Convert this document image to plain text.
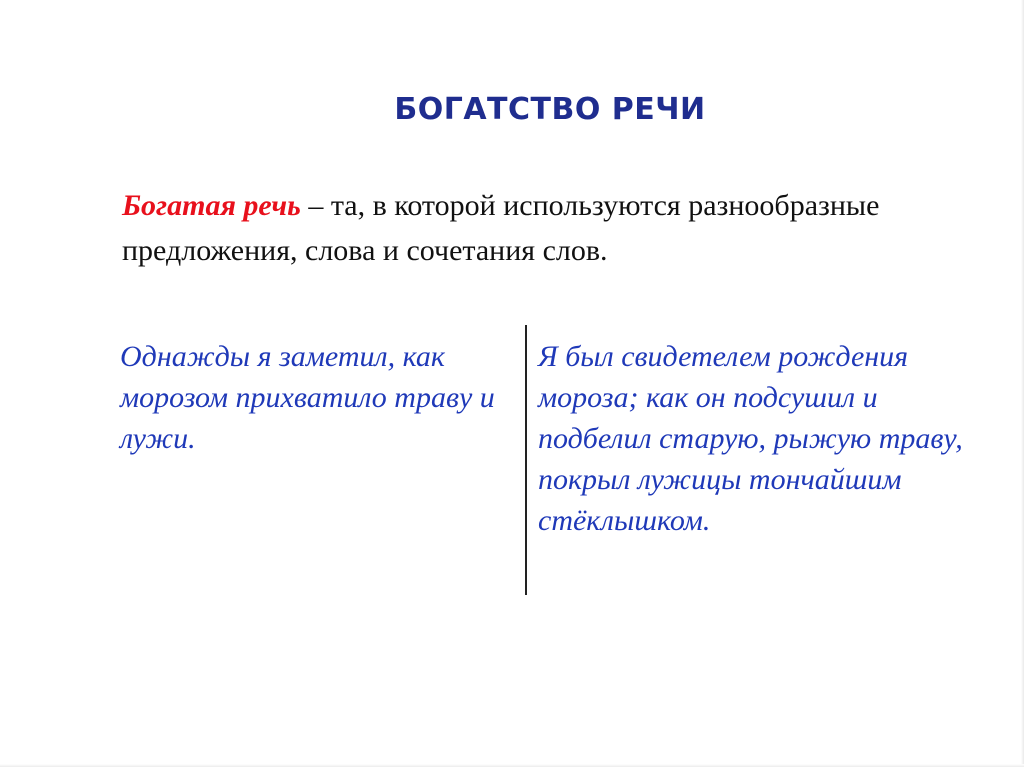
БОГАТСТВО РЕЧИ
Богатая речь – та, в которой используются разнообразные предложения, слова и сочетания слов.
Однажды я заметил, как морозом прихватило траву и лужи.
Я был свидетелем рождения мороза; как он подсушил и подбелил старую, рыжую траву, покрыл лужицы тончайшим стёклышком.
